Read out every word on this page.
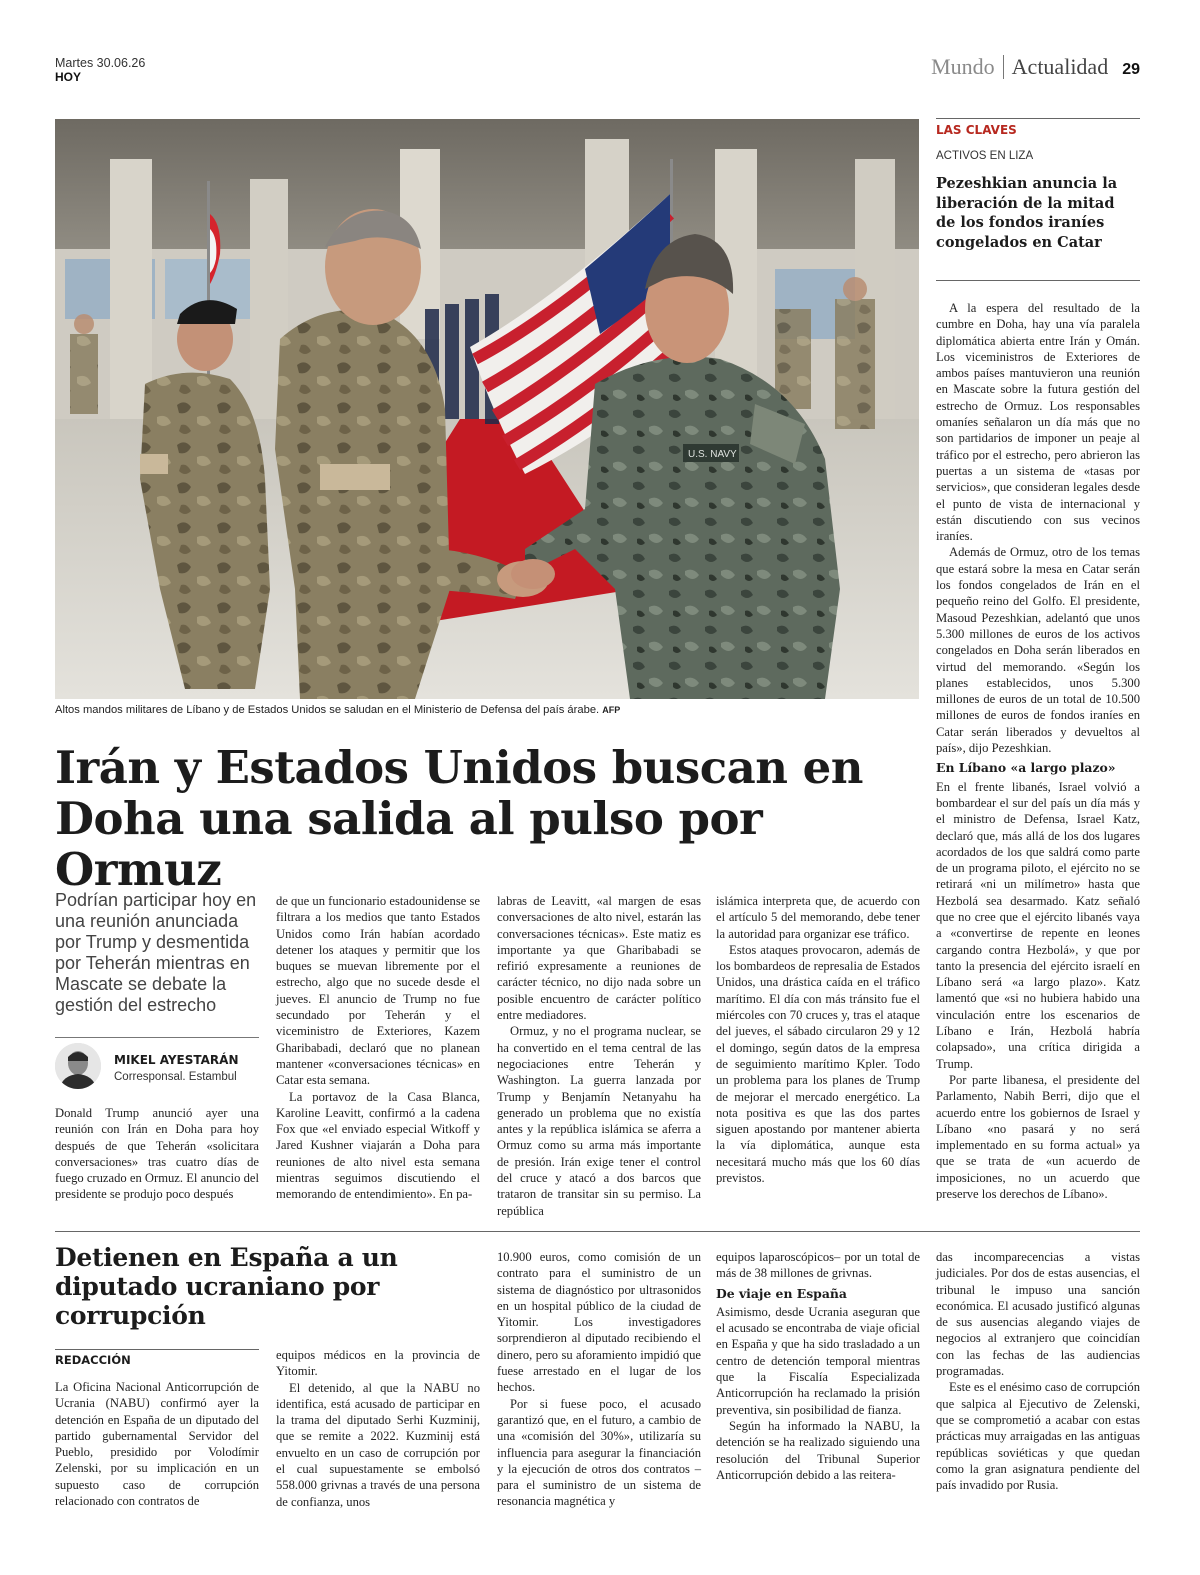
Martes 30.06.26
HOY	Mundo Actualidad 29
U.S. NAVY
Altos mandos militares de Líbano y de Estados Unidos se saludan en el Ministerio de Defensa del país árabe. AFP
Irán y Estados Unidos buscan en Doha una salida al pulso por Ormuz
Podrían participar hoy en una reunión anunciada por Trump y desmentida por Teherán mientras en Mascate se debate la gestión del estrecho
MIKEL AYESTARÁN
Corresponsal. Estambul

Donald Trump anunció ayer una reunión con Irán en Doha para hoy después de que Teherán «solicitara conversaciones» tras cuatro días de fuego cruzado en Ormuz. El anuncio del presidente se produjo poco después

de que un funcionario estadounidense se filtrara a los medios que tanto Estados Unidos como Irán habían acordado detener los ataques y permitir que los buques se muevan libremente por el estrecho, algo que no sucede desde el jueves. El anuncio de Trump no fue secundado por Teherán y el viceministro de Exteriores, Kazem Gharibabadi, declaró que no planean mantener «conversaciones técnicas» en Catar esta semana.

La portavoz de la Casa Blanca, Karoline Leavitt, confirmó a la cadena Fox que «el enviado especial Witkoff y Jared Kushner viajarán a Doha para reuniones de alto nivel esta semana mientras seguimos discutiendo el memorando de entendimiento». En pa-

labras de Leavitt, «al margen de esas conversaciones de alto nivel, estarán las conversaciones técnicas». Este matiz es importante ya que Gharibabadi se refirió expresamente a reuniones de carácter técnico, no dijo nada sobre un posible encuentro de carácter político entre mediadores.

Ormuz, y no el programa nuclear, se ha convertido en el tema central de las negociaciones entre Teherán y Washington. La guerra lanzada por Trump y Benjamín Netanyahu ha generado un problema que no existía antes y la república islámica se aferra a Ormuz como su arma más importante de presión. Irán exige tener el control del cruce y atacó a dos barcos que trataron de transitar sin su permiso. La república

islámica interpreta que, de acuerdo con el artículo 5 del memorando, debe tener la autoridad para organizar ese tráfico.

Estos ataques provocaron, además de los bombardeos de represalia de Estados Unidos, una drástica caída en el tráfico marítimo. El día con más tránsito fue el miércoles con 70 cruces y, tras el ataque del jueves, el sábado circularon 29 y 12 el domingo, según datos de la empresa de seguimiento marítimo Kpler. Todo un problema para los planes de Trump de mejorar el mercado energético. La nota positiva es que las dos partes siguen apostando por mantener abierta la vía diplomática, aunque esta necesitará mucho más que los 60 días previstos.

LAS CLAVES
ACTIVOS EN LIZA
Pezeshkian anuncia la liberación de la mitad de los fondos iraníes congelados en Catar

A la espera del resultado de la cumbre en Doha, hay una vía paralela diplomática abierta entre Irán y Omán. Los viceministros de Exteriores de ambos países mantuvieron una reunión en Mascate sobre la futura gestión del estrecho de Ormuz. Los responsables omaníes señalaron un día más que no son partidarios de imponer un peaje al tráfico por el estrecho, pero abrieron las puertas a un sistema de «tasas por servicios», que consideran legales desde el punto de vista de internacional y están discutiendo con sus vecinos iraníes.

Además de Ormuz, otro de los temas que estará sobre la mesa en Catar serán los fondos congelados de Irán en el pequeño reino del Golfo. El presidente, Masoud Pezeshkian, adelantó que unos 5.300 millones de euros de los activos congelados en Doha serán liberados en virtud del memorando. «Según los planes establecidos, unos 5.300 millones de euros de un total de 10.500 millones de euros de fondos iraníes en Catar serán liberados y devueltos al país», dijo Pezeshkian.

En Líbano «a largo plazo»

En el frente libanés, Israel volvió a bombardear el sur del país un día más y el ministro de Defensa, Israel Katz, declaró que, más allá de los dos lugares acordados de los que saldrá como parte de un programa piloto, el ejército no se retirará «ni un milímetro» hasta que Hezbolá sea desarmado. Katz señaló que no cree que el ejército libanés vaya a «convertirse de repente en leones cargando contra Hezbolá», y que por tanto la presencia del ejército israelí en Líbano será «a largo plazo». Katz lamentó que «si no hubiera habido una vinculación entre los escenarios de Líbano e Irán, Hezbolá habría colapsado», una crítica dirigida a Trump.

Por parte libanesa, el presidente del Parlamento, Nabih Berri, dijo que el acuerdo entre los gobiernos de Israel y Líbano «no pasará y no será implementado en su forma actual» ya que se trata de «un acuerdo de imposiciones, no un acuerdo que preserve los derechos de Líbano».

Detienen en España a un diputado ucraniano por corrupción
REDACCIÓN

La Oficina Nacional Anticorrupción de Ucrania (NABU) confirmó ayer la detención en España de un diputado del partido gubernamental Servidor del Pueblo, presidido por Volodímir Zelenski, por su implicación en un supuesto caso de corrupción relacionado con contratos de

equipos médicos en la provincia de Yitomir.

El detenido, al que la NABU no identifica, está acusado de participar en la trama del diputado Serhi Kuzminij, que se remite a 2022. Kuzminij está envuelto en un caso de corrupción por el cual supuestamente se embolsó 558.000 grivnas a través de una persona de confianza, unos

10.900 euros, como comisión de un contrato para el suministro de un sistema de diagnóstico por ultrasonidos en un hospital público de la ciudad de Yitomir. Los investigadores sorprendieron al diputado recibiendo el dinero, pero su aforamiento impidió que fuese arrestado en el lugar de los hechos.

Por si fuese poco, el acusado garantizó que, en el futuro, a cambio de una «comisión del 30%», utilizaría su influencia para asegurar la financiación y la ejecución de otros dos contratos –para el suministro de un sistema de resonancia magnética y

equipos laparoscópicos– por un total de más de 38 millones de grivnas.

De viaje en España

Asimismo, desde Ucrania aseguran que el acusado se encontraba de viaje oficial en España y que ha sido trasladado a un centro de detención temporal mientras que la Fiscalía Especializada Anticorrupción ha reclamado la prisión preventiva, sin posibilidad de fianza.

Según ha informado la NABU, la detención se ha realizado siguiendo una resolución del Tribunal Superior Anticorrupción debido a las reitera-

das incomparecencias a vistas judiciales. Por dos de estas ausencias, el tribunal le impuso una sanción económica. El acusado justificó algunas de sus ausencias alegando viajes de negocios al extranjero que coincidían con las fechas de las audiencias programadas.

Este es el enésimo caso de corrupción que salpica al Ejecutivo de Zelenski, que se comprometió a acabar con estas prácticas muy arraigadas en las antiguas repúblicas soviéticas y que quedan como la gran asignatura pendiente del país invadido por Rusia.
